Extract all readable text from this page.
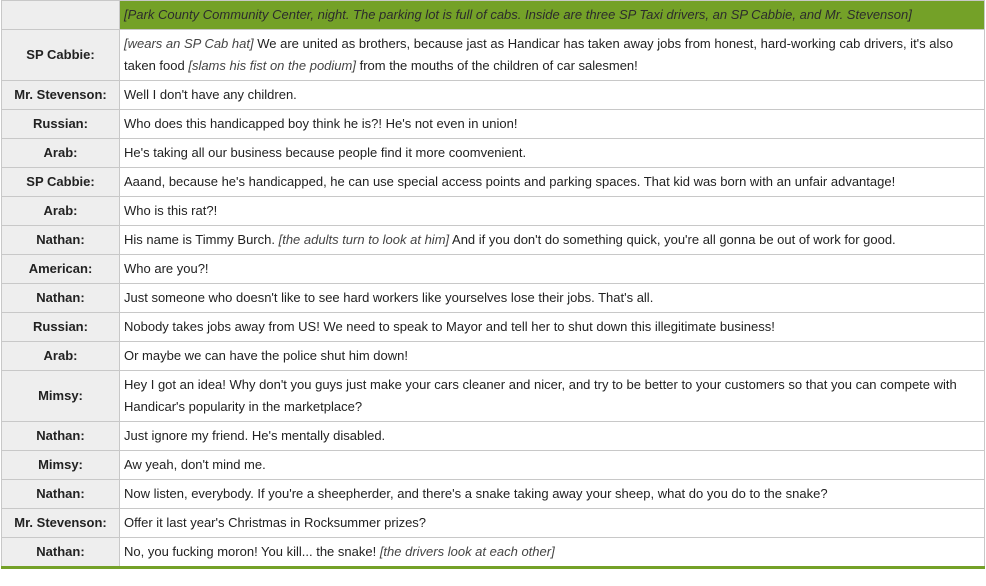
	[Park County Community Center, night. The parking lot is full of cabs. Inside are three SP Taxi drivers, an SP Cabbie, and Mr. Stevenson]
SP Cabbie:	[wears an SP Cab hat] We are united as brothers, because jast as Handicar has taken away jobs from honest, hard-working cab drivers, it's also taken food [slams his fist on the podium] from the mouths of the children of car salesmen!
Mr. Stevenson:	Well I don't have any children.
Russian:	Who does this handicapped boy think he is?! He's not even in union!
Arab:	He's taking all our business because people find it more coomvenient.
SP Cabbie:	Aaand, because he's handicapped, he can use special access points and parking spaces. That kid was born with an unfair advantage!
Arab:	Who is this rat?!
Nathan:	His name is Timmy Burch. [the adults turn to look at him] And if you don't do something quick, you're all gonna be out of work for good.
American:	Who are you?!
Nathan:	Just someone who doesn't like to see hard workers like yourselves lose their jobs. That's all.
Russian:	Nobody takes jobs away from US! We need to speak to Mayor and tell her to shut down this illegitimate business!
Arab:	Or maybe we can have the police shut him down!
Mimsy:	Hey I got an idea! Why don't you guys just make your cars cleaner and nicer, and try to be better to your customers so that you can compete with Handicar's popularity in the marketplace?
Nathan:	Just ignore my friend. He's mentally disabled.
Mimsy:	Aw yeah, don't mind me.
Nathan:	Now listen, everybody. If you're a sheepherder, and there's a snake taking away your sheep, what do you do to the snake?
Mr. Stevenson:	Offer it last year's Christmas in Rocksummer prizes?
Nathan:	No, you fucking moron! You kill... the snake! [the drivers look at each other]
